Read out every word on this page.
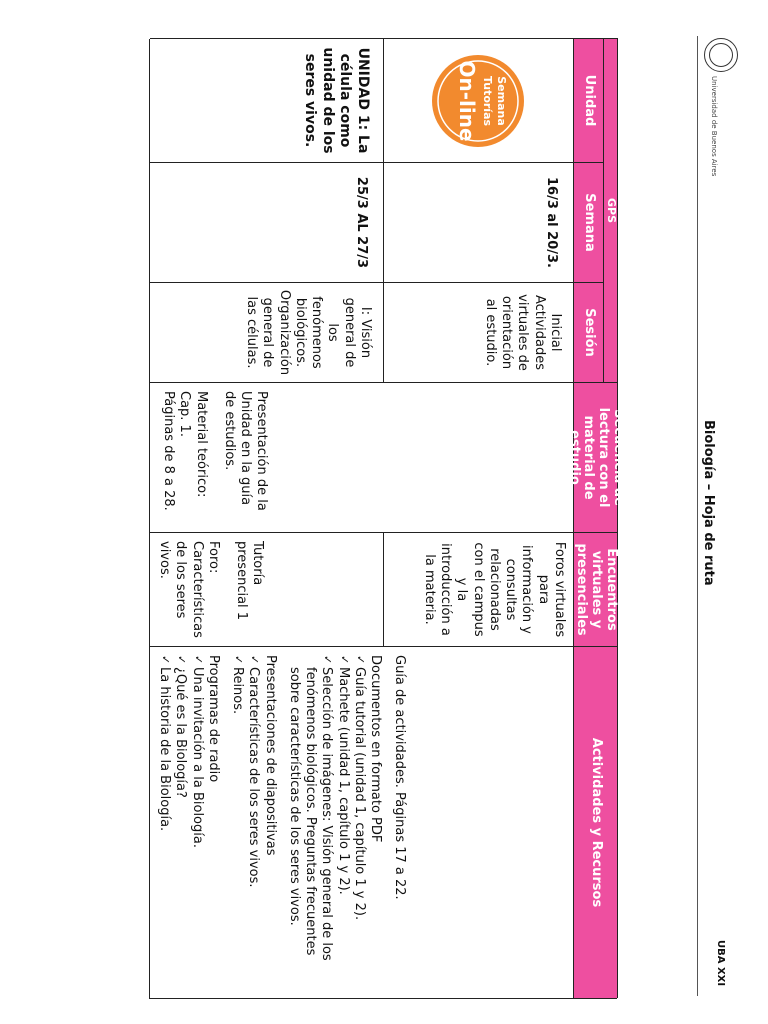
Universidad de Buenos Aires
Biología – Hoja de ruta
UBA XXI
GPS
Unidad
Semana
Sesión
Secuencia de lectura con el material de estudio
Encuentros virtuales y presenciales
Actividades y Recursos
Semana
Tutorías
On-line
16/3 al 20/3.
Inicial Actividades virtuales de orientación al estudio.
UNIDAD 1: La célula como unidad de los seres vivos.
25/3 AL 27/3
I: Visión general de los fenómenos biológicos. Organización general de las células.
Presentación de la Unidad en la guía de estudios.
Material teórico: Cap. 1.
Páginas de 8 a 28.
Foros virtuales para información y consultas relacionadas con el campus y la introducción a la materia.
Tutoría presencial 1
Foro: Características de los seres vivos.
Guía de actividades. Páginas 17 a 22.
Documentos en formato PDF
✓ Guía tutorial (unidad 1, capítulo 1 y 2).
✓ Machete (unidad 1, capítulo 1 y 2).
✓ Selección de imágenes: Visión general de los fenómenos biológicos. Preguntas frecuentes sobre características de los seres vivos.
Presentaciones de diapositivas
✓ Características de los seres vivos.
✓ Reinos.
Programas de radio
✓ Una invitación a la Biología.
✓ ¿Qué es la Biología?
✓ La historia de la Biología.
